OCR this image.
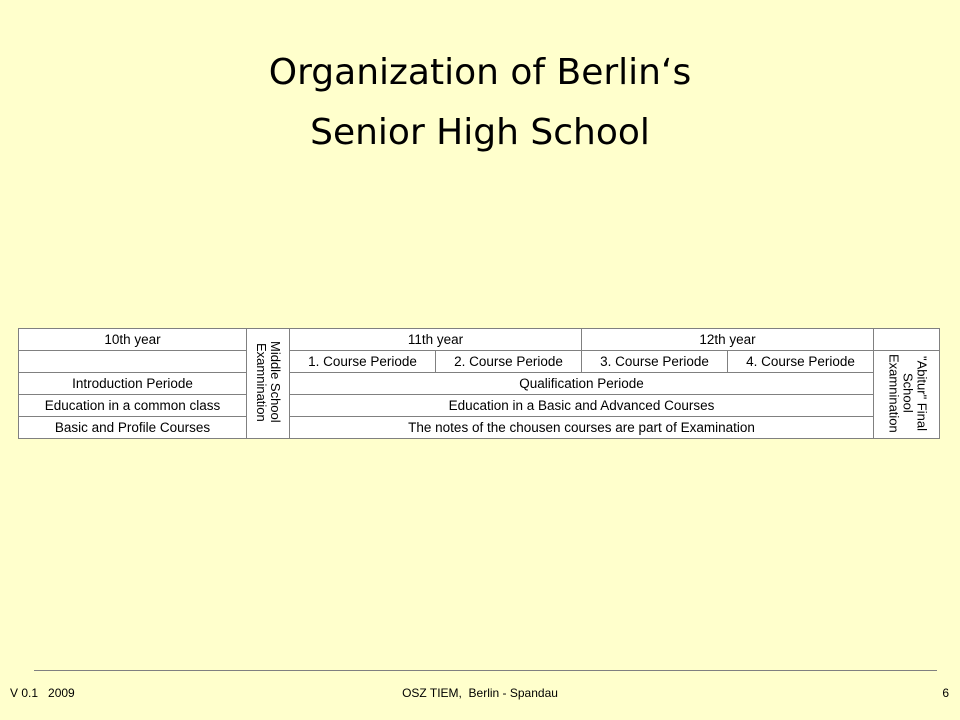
Organization of Berlin‘s
Senior High School
10th year	Middle School Examnination	11th year		12th year		
		1. Course Periode	2. Course Periode	3. Course Periode	4. Course Periode	"Abitur" Final School Examnination
Introduction Periode		Qualification Periode				
Education in a common class		Education in a Basic and Advanced Courses				
Basic and Profile Courses		The notes of the chousen courses are part of Examination				
V 0.1   2009	OSZ TIEM,  Berlin - Spandau	6
